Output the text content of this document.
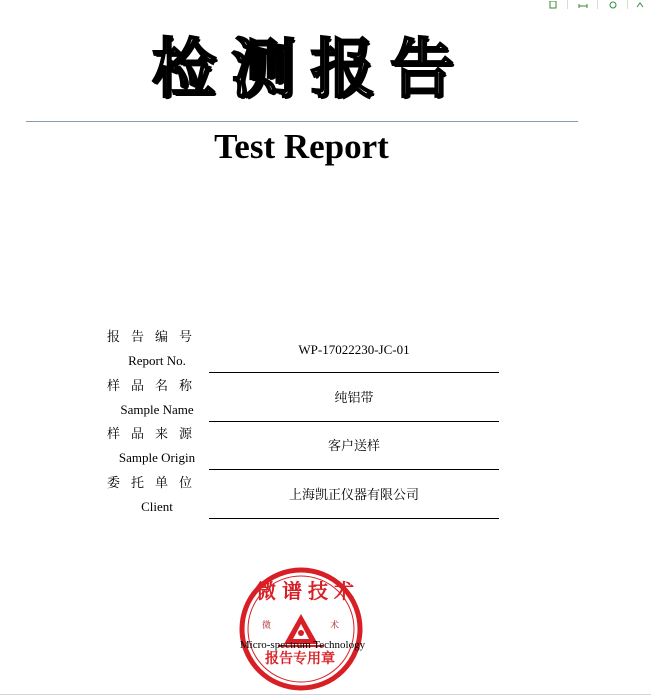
检 测 报 告
Test Report
报告编号
Report No.
WP-17022230-JC-01
样品名称
Sample Name
纯铝带
样品来源
Sample Origin
客户送样
委托单位
Client
上海凯正仪器有限公司
微谱技术
微	术
Micro-spectrum Technology
报告专用章
